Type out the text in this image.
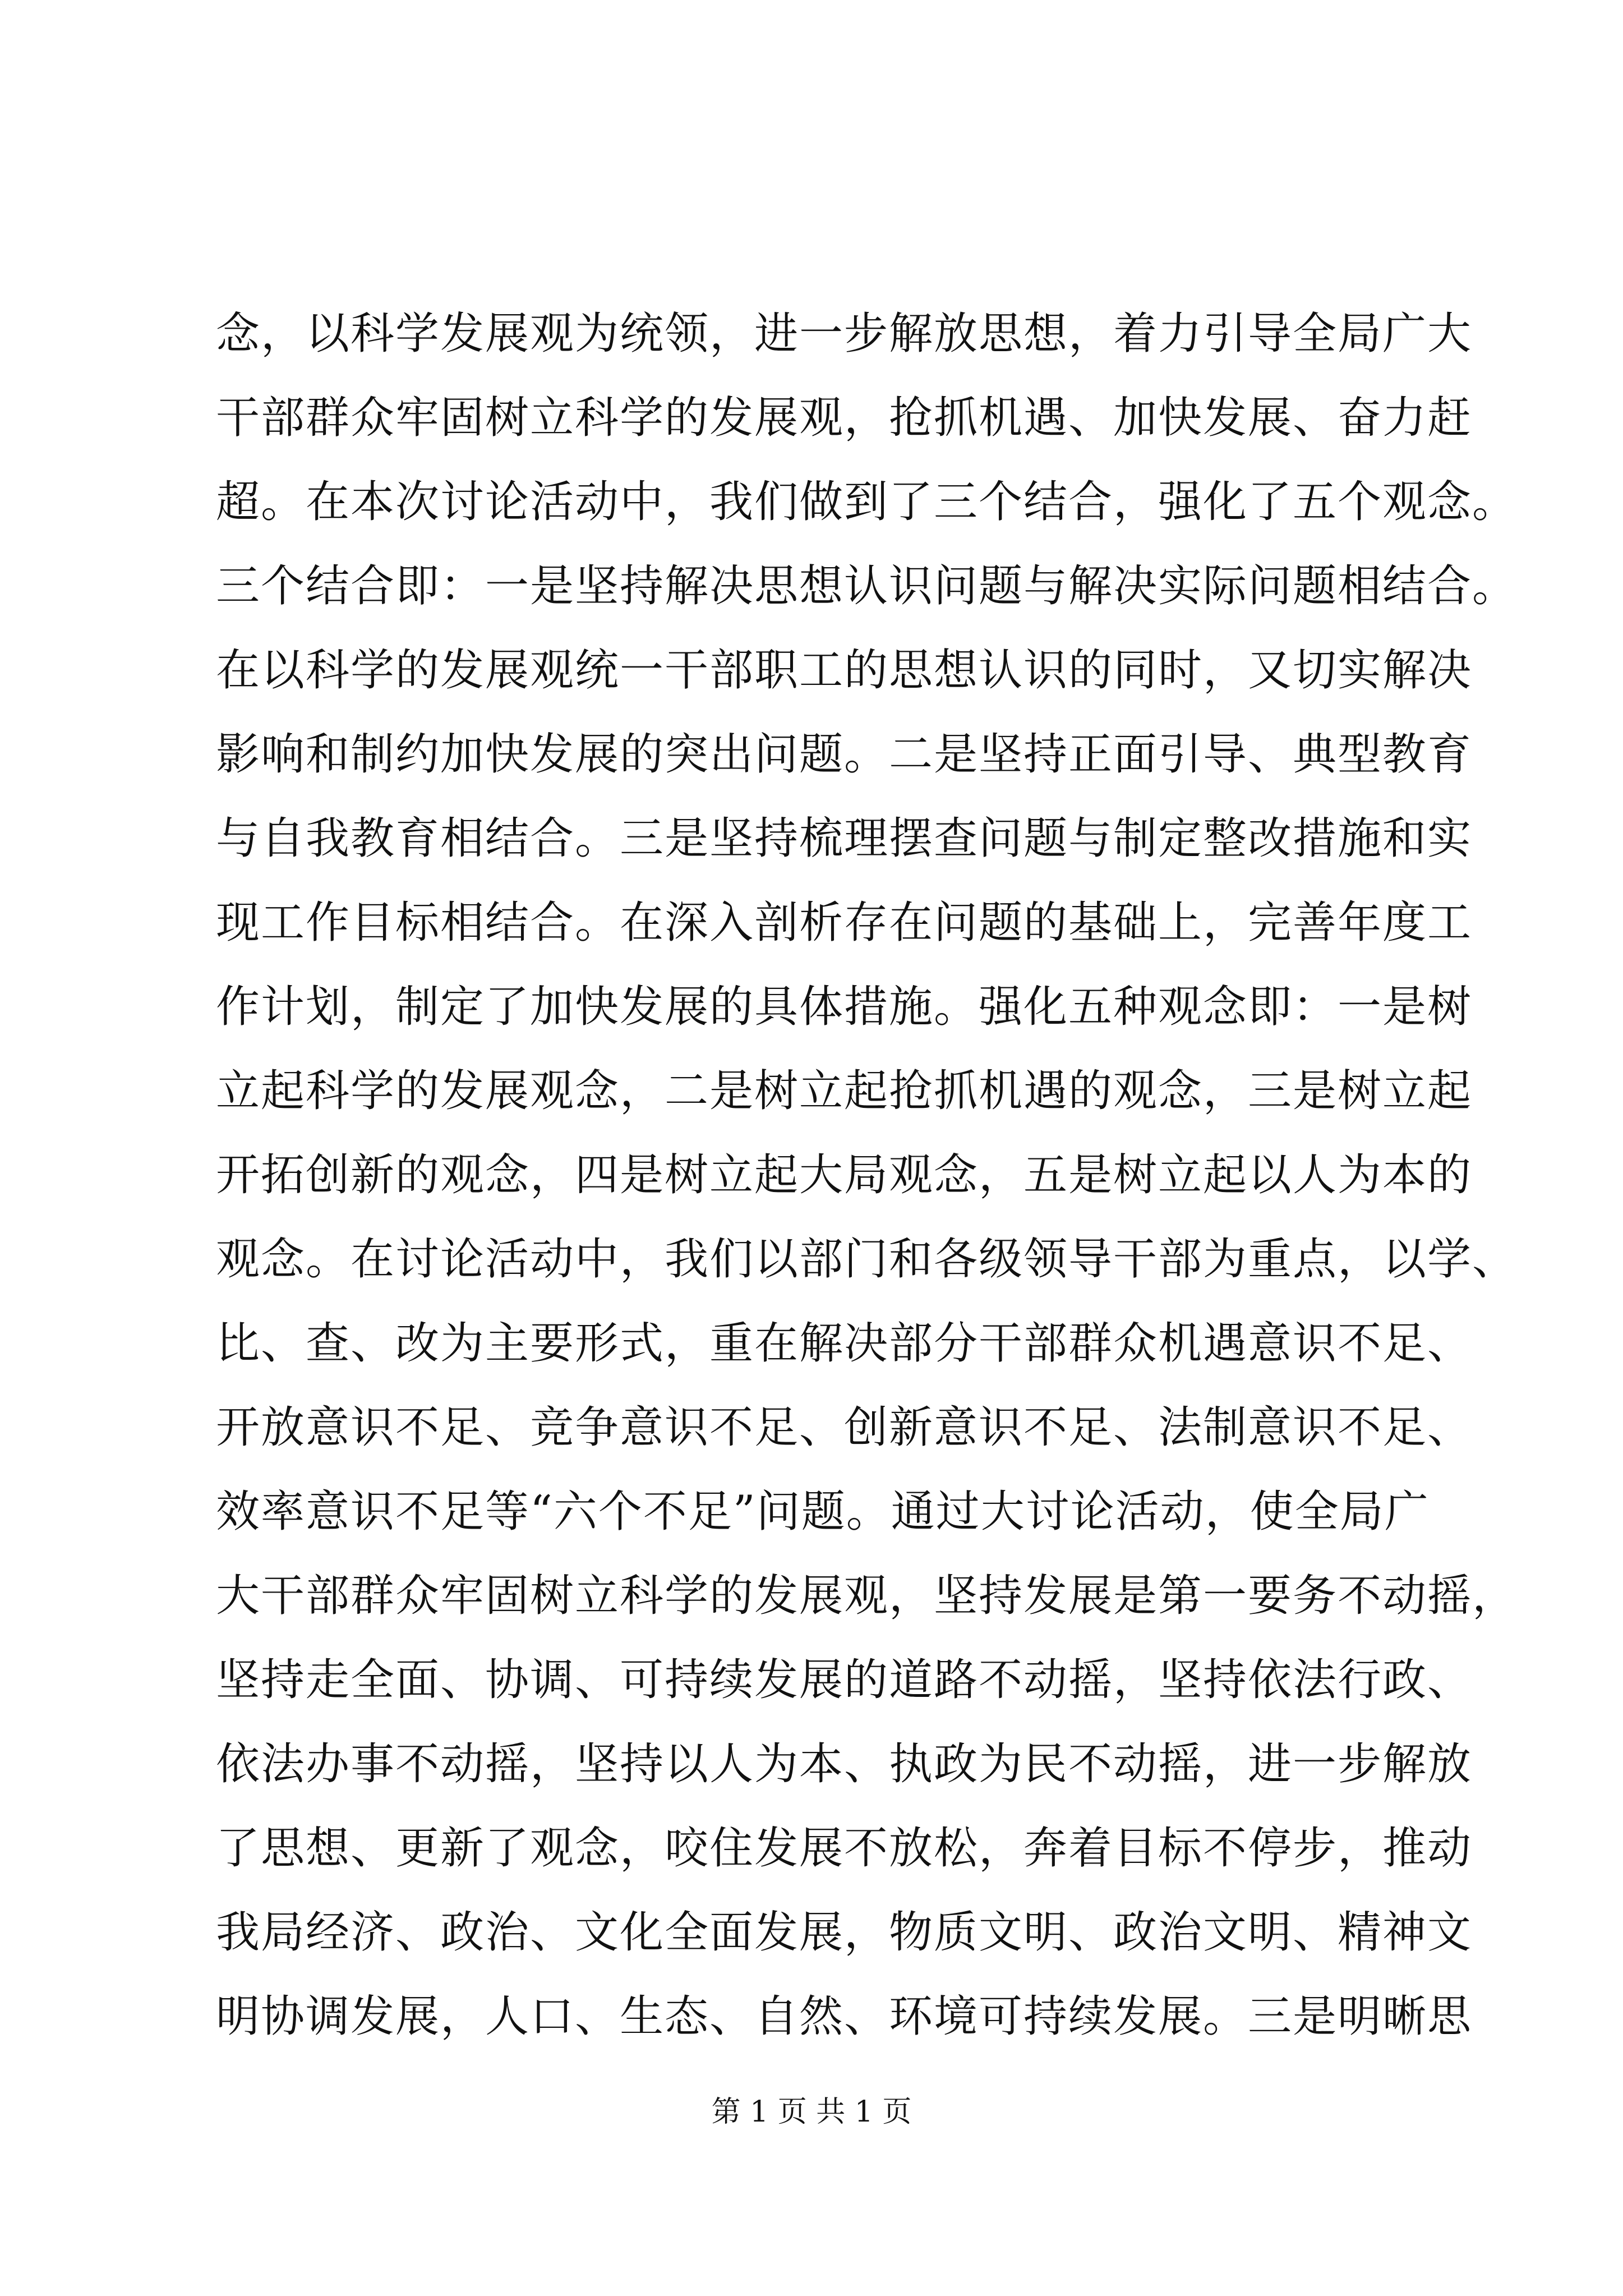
念，以科学发展观为统领，进一步解放思想，着力引导全局广大
干部群众牢固树立科学的发展观，抢抓机遇、加快发展、奋力赶
超。在本次讨论活动中，我们做到了三个结合，强化了五个观念。
三个结合即：一是坚持解决思想认识问题与解决实际问题相结合。
在以科学的发展观统一干部职工的思想认识的同时，又切实解决
影响和制约加快发展的突出问题。二是坚持正面引导、典型教育
与自我教育相结合。三是坚持梳理摆查问题与制定整改措施和实
现工作目标相结合。在深入剖析存在问题的基础上，完善年度工
作计划，制定了加快发展的具体措施。强化五种观念即：一是树
立起科学的发展观念，二是树立起抢抓机遇的观念，三是树立起
开拓创新的观念，四是树立起大局观念，五是树立起以人为本的
观念。在讨论活动中，我们以部门和各级领导干部为重点，以学、
比、查、改为主要形式，重在解决部分干部群众机遇意识不足、
开放意识不足、竞争意识不足、创新意识不足、法制意识不足、
效率意识不足等“六个不足”问题。通过大讨论活动，使全局广
大干部群众牢固树立科学的发展观，坚持发展是第一要务不动摇，
坚持走全面、协调、可持续发展的道路不动摇，坚持依法行政、
依法办事不动摇，坚持以人为本、执政为民不动摇，进一步解放
了思想、更新了观念，咬住发展不放松，奔着目标不停步，推动
我局经济、政治、文化全面发展，物质文明、政治文明、精神文
明协调发展，人口、生态、自然、环境可持续发展。三是明晰思
第 1 页 共 1 页
